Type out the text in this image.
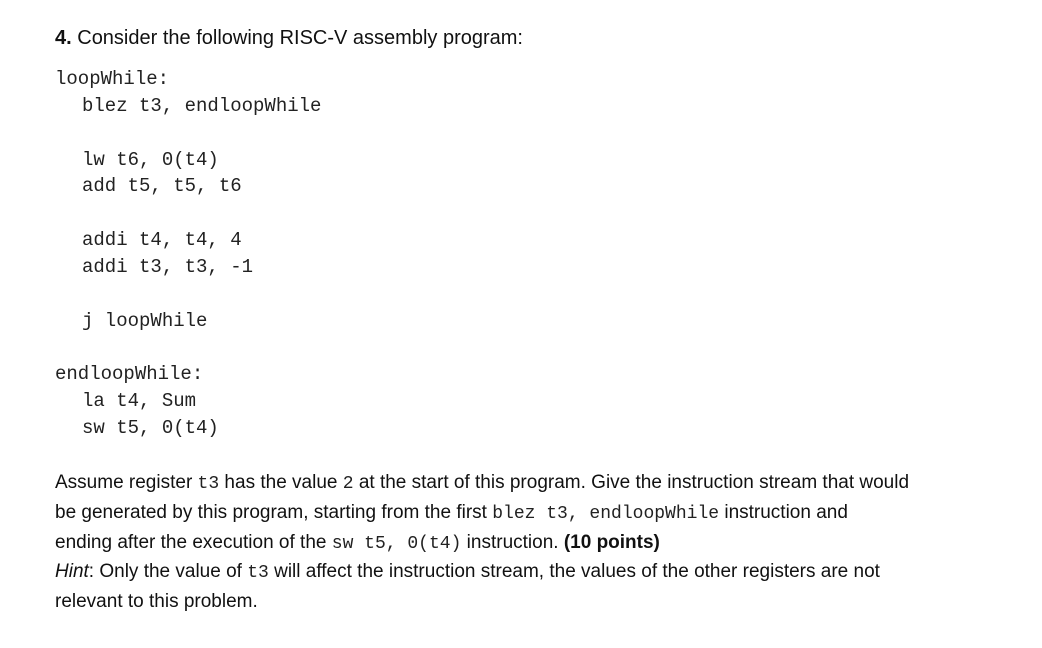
4. Consider the following RISC-V assembly program:
loopWhile:
blez t3, endloopWhile
lw t6, 0(t4)
add t5, t5, t6
addi t4, t4, 4
addi t3, t3, -1
j loopWhile
endloopWhile:
la t4, Sum
sw t5, 0(t4)
Assume register t3 has the value 2 at the start of this program. Give the instruction stream that would
be generated by this program, starting from the first blez t3, endloopWhile instruction and
ending after the execution of the sw t5, 0(t4) instruction. (10 points)
Hint: Only the value of t3 will affect the instruction stream, the values of the other registers are not
relevant to this problem.
